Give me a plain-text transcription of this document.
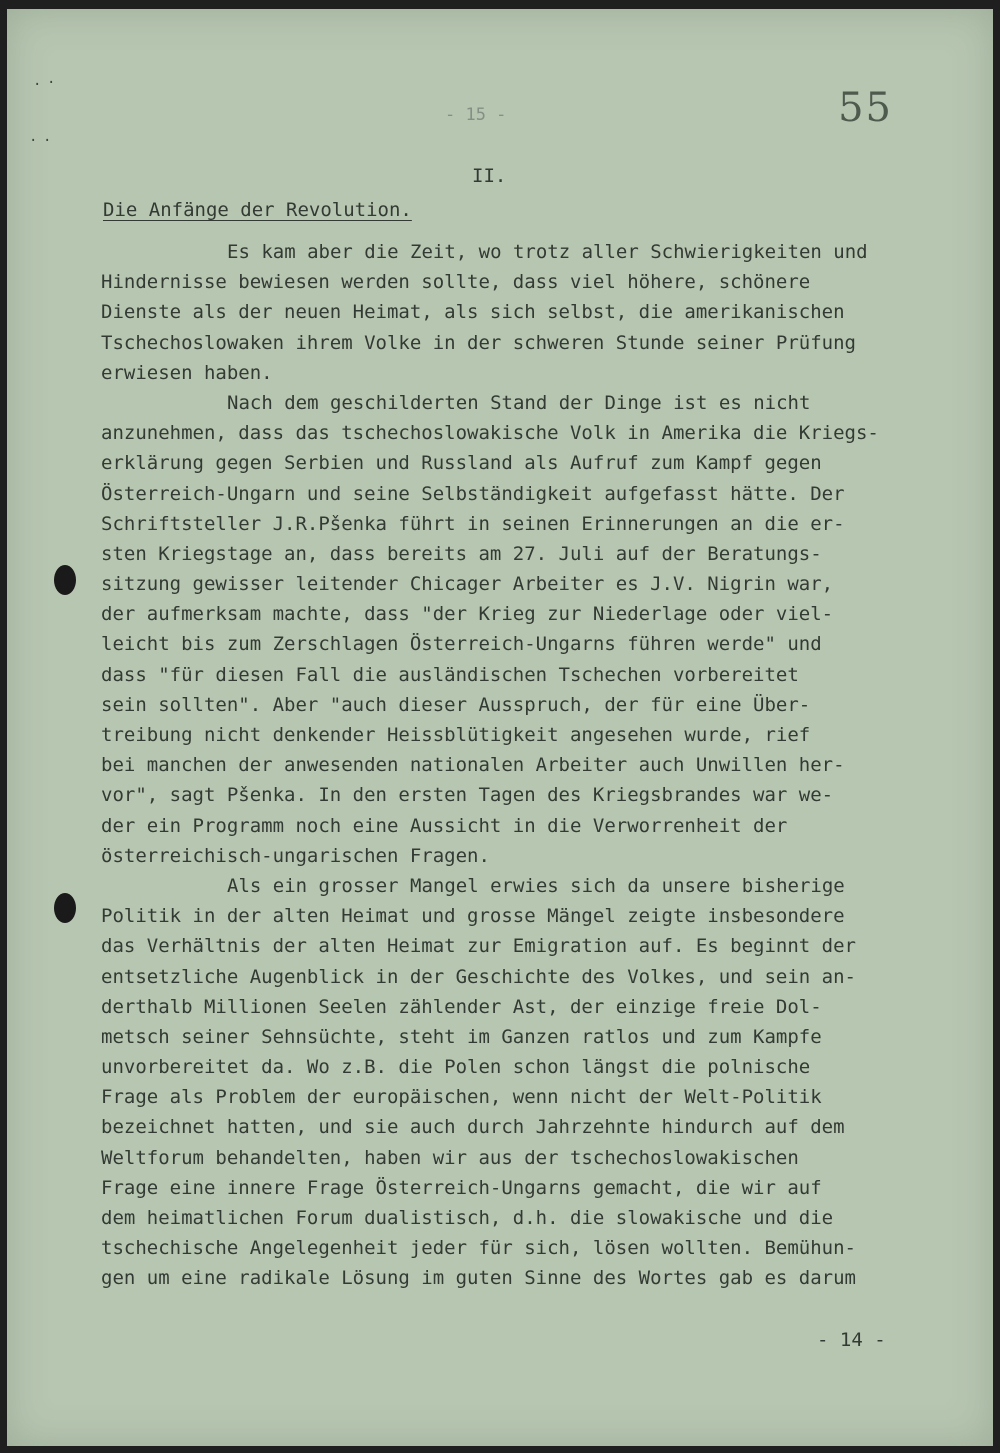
55
- 15 -
· ·
· ·
II.
Die Anfänge der Revolution.
Es kam aber die Zeit, wo trotz aller Schwierigkeiten und
Hindernisse bewiesen werden sollte, dass viel höhere, schönere
Dienste als der neuen Heimat, als sich selbst, die amerikanischen
Tschechoslowaken ihrem Volke in der schweren Stunde seiner Prüfung
erwiesen haben.
Nach dem geschilderten Stand der Dinge ist es nicht
anzunehmen, dass das tschechoslowakische Volk in Amerika die Kriegs-
erklärung gegen Serbien und Russland als Aufruf zum Kampf gegen
Österreich-Ungarn und seine Selbständigkeit aufgefasst hätte. Der
Schriftsteller J.R.Pšenka führt in seinen Erinnerungen an die er-
sten Kriegstage an, dass bereits am 27. Juli auf der Beratungs-
sitzung gewisser leitender Chicager Arbeiter es J.V. Nigrin war,
der aufmerksam machte, dass "der Krieg zur Niederlage oder viel-
leicht bis zum Zerschlagen Österreich-Ungarns führen werde" und
dass "für diesen Fall die ausländischen Tschechen vorbereitet
sein sollten". Aber "auch dieser Ausspruch, der für eine Über-
treibung nicht denkender Heissblütigkeit angesehen wurde, rief
bei manchen der anwesenden nationalen Arbeiter auch Unwillen her-
vor", sagt Pšenka. In den ersten Tagen des Kriegsbrandes war we-
der ein Programm noch eine Aussicht in die Verworrenheit der
österreichisch-ungarischen Fragen.
Als ein grosser Mangel erwies sich da unsere bisherige
Politik in der alten Heimat und grosse Mängel zeigte insbesondere
das Verhältnis der alten Heimat zur Emigration auf. Es beginnt der
entsetzliche Augenblick in der Geschichte des Volkes, und sein an-
derthalb Millionen Seelen zählender Ast, der einzige freie Dol-
metsch seiner Sehnsüchte, steht im Ganzen ratlos und zum Kampfe
unvorbereitet da. Wo z.B. die Polen schon längst die polnische
Frage als Problem der europäischen, wenn nicht der Welt-Politik
bezeichnet hatten, und sie auch durch Jahrzehnte hindurch auf dem
Weltforum behandelten, haben wir aus der tschechoslowakischen
Frage eine innere Frage Österreich-Ungarns gemacht, die wir auf
dem heimatlichen Forum dualistisch, d.h. die slowakische und die
tschechische Angelegenheit jeder für sich, lösen wollten. Bemühun-
gen um eine radikale Lösung im guten Sinne des Wortes gab es darum
- 14 -
